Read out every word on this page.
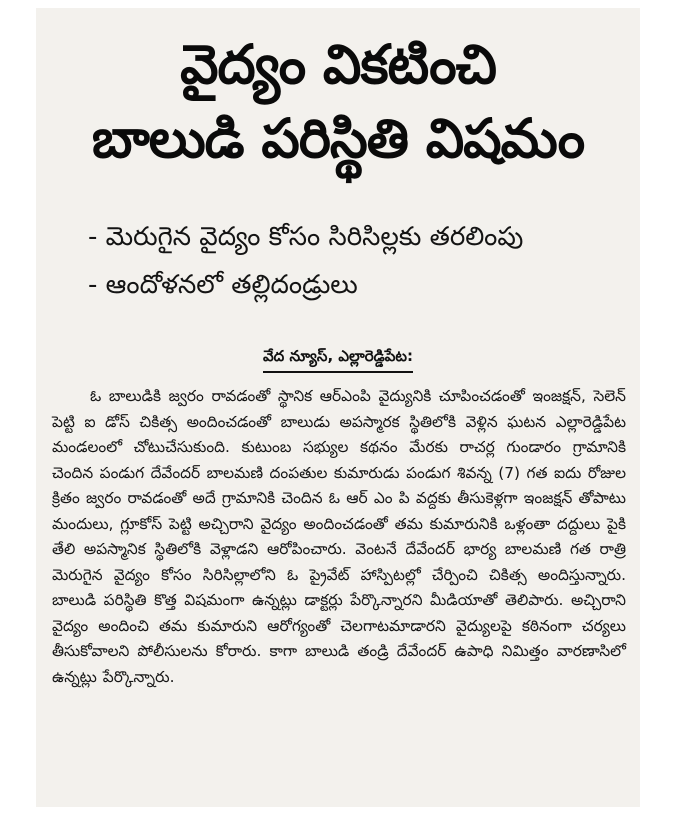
వైద్యం వికటించి
బాలుడి పరిస్థితి విషమం
- మెరుగైన వైద్యం కోసం సిరిసిల్లకు తరలింపు
- ఆందోళనలో తల్లిదండ్రులు
వేద న్యూస్, ఎల్లారెడ్డిపేట:

ఓ బాలుడికి జ్వరం రావడంతో స్థానిక ఆర్ఎంపి వైద్యునికి చూపించడంతో ఇంజక్షన్, సెలెన్ పెట్టి ఐ డోస్ చికిత్స అందించడంతో బాలుడు అపస్మారక స్థితిలోకి వెళ్లిన ఘటన ఎల్లారెడ్డిపేట మండలంలో చోటుచేసుకుంది. కుటుంబ సభ్యుల కథనం మేరకు రాచర్ల గుండారం గ్రామానికి చెందిన పండుగ దేవేందర్ బాలమణి దంపతుల కుమారుడు పండుగ శివన్న (7) గత ఐదు రోజుల క్రితం జ్వరం రావడంతో అదే గ్రామానికి చెందిన ఓ ఆర్ ఎం పి వద్దకు తీసుకెళ్లగా ఇంజక్షన్ తోపాటు మందులు, గ్లూకోస్ పెట్టి అచ్చిరాని వైద్యం అందించడంతో తమ కుమారునికి ఒళ్లంతా దద్దులు పైకి తేలి అపస్మానిక స్థితిలోకి వెళ్లాడని ఆరోపించారు. వెంటనే దేవేందర్ భార్య బాలమణి గత రాత్రి మెరుగైన వైద్యం కోసం సిరిసిల్లాలోని ఓ ప్రైవేట్ హాస్పిటల్లో చేర్పించి చికిత్స అందిస్తున్నారు. బాలుడి పరిస్థితి కొత్త విషమంగా ఉన్నట్లు డాక్టర్లు పేర్కొన్నారని మీడియాతో తెలిపారు. అచ్చిరాని వైద్యం అందించి తమ కుమారుని ఆరోగ్యంతో చెలగాటమాడారని వైద్యులపై కఠినంగా చర్యలు తీసుకోవాలని పోలీసులను కోరారు. కాగా బాలుడి తండ్రి దేవేందర్ ఉపాధి నిమిత్తం వారణాసిలో ఉన్నట్లు పేర్కొన్నారు.
